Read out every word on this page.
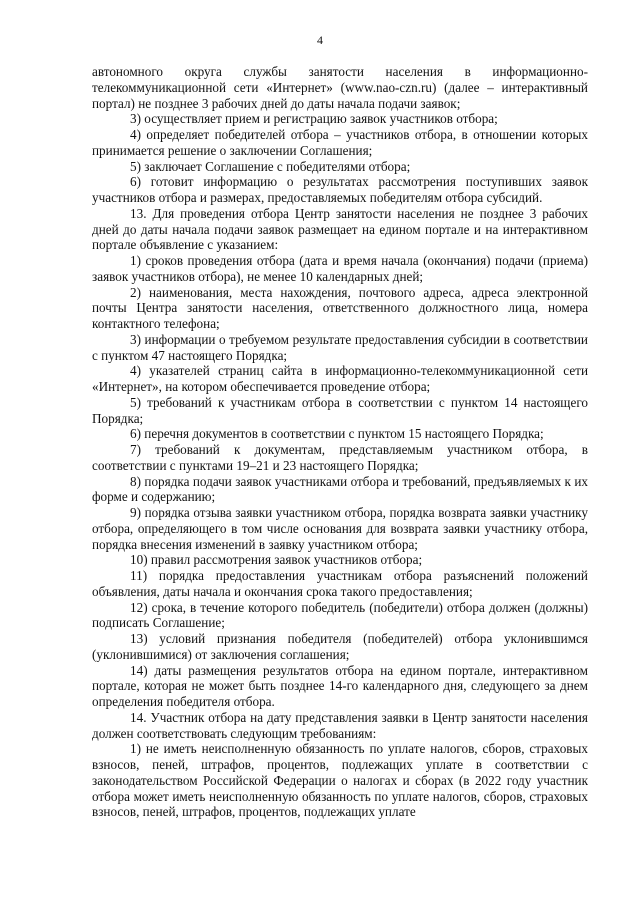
4

автономного округа службы занятости населения в информационно-телекоммуникационной сети «Интернет» (www.nao-czn.ru) (далее – интерактивный портал) не позднее 3 рабочих дней до даты начала подачи заявок;

3) осуществляет прием и регистрацию заявок участников отбора;

4) определяет победителей отбора – участников отбора, в отношении которых принимается решение о заключении Соглашения;

5) заключает Соглашение с победителями отбора;

6) готовит информацию о результатах рассмотрения поступивших заявок участников отбора и размерах, предоставляемых победителям отбора субсидий.

13. Для проведения отбора Центр занятости населения не позднее 3 рабочих дней до даты начала подачи заявок размещает на едином портале и на интерактивном портале объявление с указанием:

1) сроков проведения отбора (дата и время начала (окончания) подачи (приема) заявок участников отбора), не менее 10 календарных дней;

2) наименования, места нахождения, почтового адреса, адреса электронной почты Центра занятости населения, ответственного должностного лица, номера контактного телефона;

3) информации о требуемом результате предоставления субсидии в соответствии с пунктом 47 настоящего Порядка;

4) указателей страниц сайта в информационно-телекоммуникационной сети «Интернет», на котором обеспечивается проведение отбора;

5) требований к участникам отбора в соответствии с пунктом 14 настоящего Порядка;

6) перечня документов в соответствии с пунктом 15 настоящего Порядка;

7) требований к документам, представляемым участником отбора, в соответствии с пунктами 19–21 и 23 настоящего Порядка;

8) порядка подачи заявок участниками отбора и требований, предъявляемых к их форме и содержанию;

9) порядка отзыва заявки участником отбора, порядка возврата заявки участнику отбора, определяющего в том числе основания для возврата заявки участнику отбора, порядка внесения изменений в заявку участником отбора;

10) правил рассмотрения заявок участников отбора;

11) порядка предоставления участникам отбора разъяснений положений объявления, даты начала и окончания срока такого предоставления;

12) срока, в течение которого победитель (победители) отбора должен (должны) подписать Соглашение;

13) условий признания победителя (победителей) отбора уклонившимся (уклонившимися) от заключения соглашения;

14) даты размещения результатов отбора на едином портале, интерактивном портале, которая не может быть позднее 14-го календарного дня, следующего за днем определения победителя отбора.

14. Участник отбора на дату представления заявки в Центр занятости населения должен соответствовать следующим требованиям:

1) не иметь неисполненную обязанность по уплате налогов, сборов, страховых взносов, пеней, штрафов, процентов, подлежащих уплате в соответствии с законодательством Российской Федерации о налогах и сборах (в 2022 году участник отбора может иметь неисполненную обязанность по уплате налогов, сборов, страховых взносов, пеней, штрафов, процентов, подлежащих уплате
